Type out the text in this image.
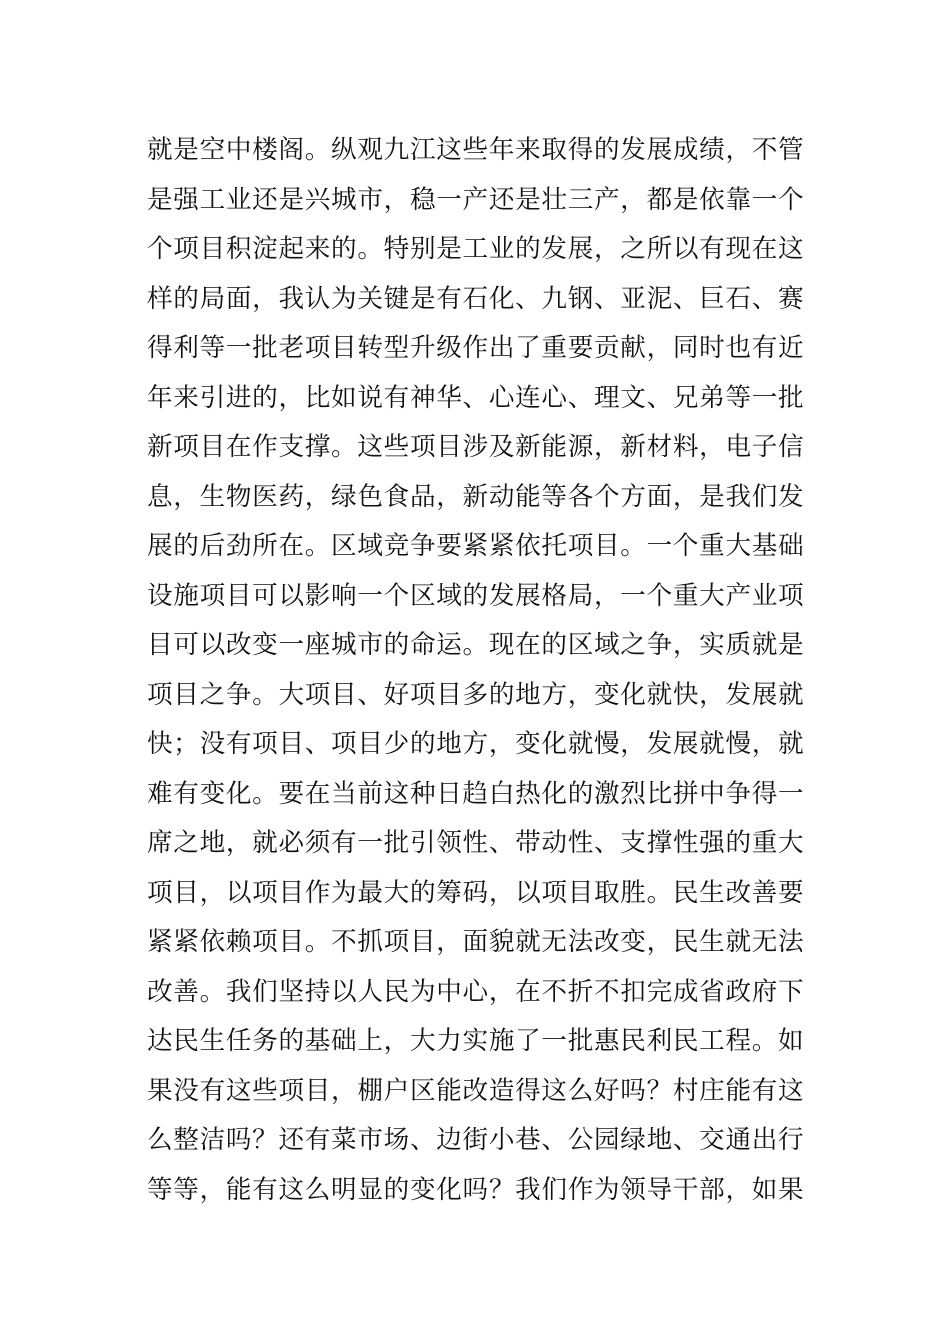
就是空中楼阁。纵观九江这些年来取得的发展成绩，不管
是强工业还是兴城市，稳一产还是壮三产，都是依靠一个
个项目积淀起来的。特别是工业的发展，之所以有现在这
样的局面，我认为关键是有石化、九钢、亚泥、巨石、赛
得利等一批老项目转型升级作出了重要贡献，同时也有近
年来引进的，比如说有神华、心连心、理文、兄弟等一批
新项目在作支撑。这些项目涉及新能源，新材料，电子信
息，生物医药，绿色食品，新动能等各个方面，是我们发
展的后劲所在。区域竞争要紧紧依托项目。一个重大基础
设施项目可以影响一个区域的发展格局，一个重大产业项
目可以改变一座城市的命运。现在的区域之争，实质就是
项目之争。大项目、好项目多的地方，变化就快，发展就
快；没有项目、项目少的地方，变化就慢，发展就慢，就
难有变化。要在当前这种日趋白热化的激烈比拼中争得一
席之地，就必须有一批引领性、带动性、支撑性强的重大
项目，以项目作为最大的筹码，以项目取胜。民生改善要
紧紧依赖项目。不抓项目，面貌就无法改变，民生就无法
改善。我们坚持以人民为中心，在不折不扣完成省政府下
达民生任务的基础上，大力实施了一批惠民利民工程。如
果没有这些项目，棚户区能改造得这么好吗？村庄能有这
么整洁吗？还有菜市场、边街小巷、公园绿地、交通出行
等等，能有这么明显的变化吗？我们作为领导干部，如果
